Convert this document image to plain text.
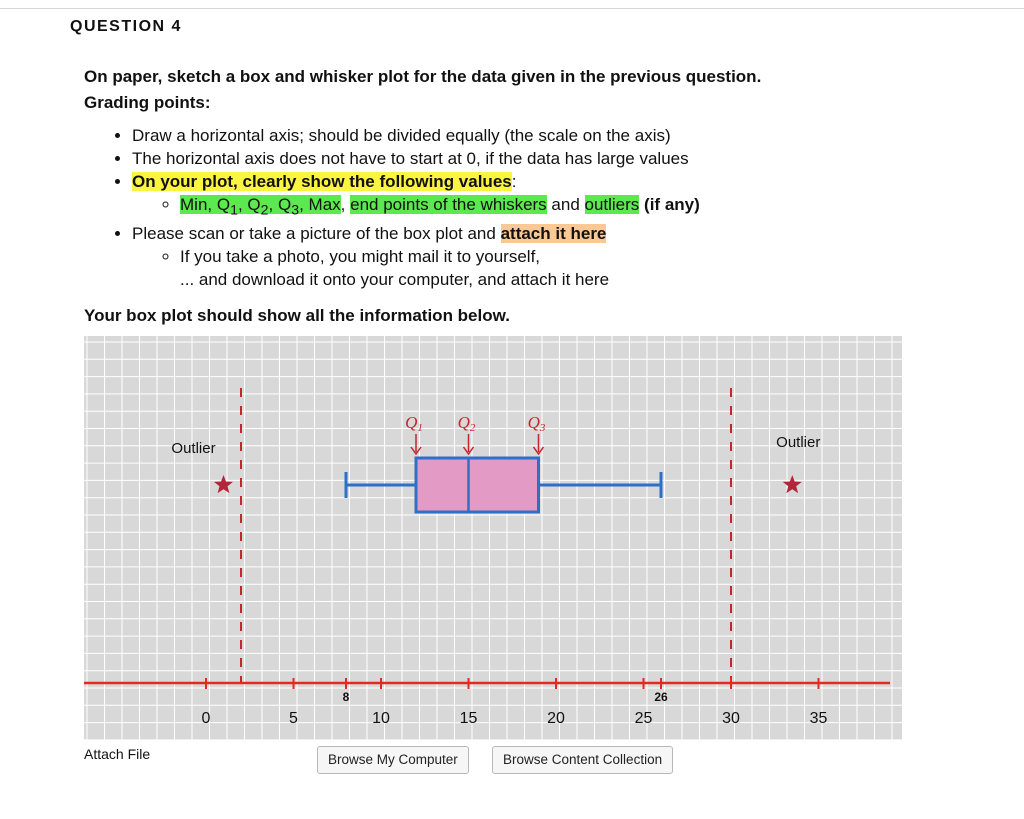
QUESTION 4

On paper, sketch a box and whisker plot for the data given in the previous question.

Grading points:

• Draw a horizontal axis; should be divided equally (the scale on the axis)
• The horizontal axis does not have to start at 0, if the data has large values
• On your plot, clearly show the following values:
◦ Min, $Q_1$, $Q_2$, $Q_3$, Max, end points of the whiskers and outliers (if any)
• Please scan or take a picture of the box plot and attach it here
◦ If you take a photo, you might mail it to yourself,
... and download it onto your computer, and attach it here

Your box plot should show all the information below.

0	5	10	15	20	25	30	35
8	26
Q1 Q2	Q3
Outlier	Outlier
Attach File	Browse My Computer	Browse Content Collection
